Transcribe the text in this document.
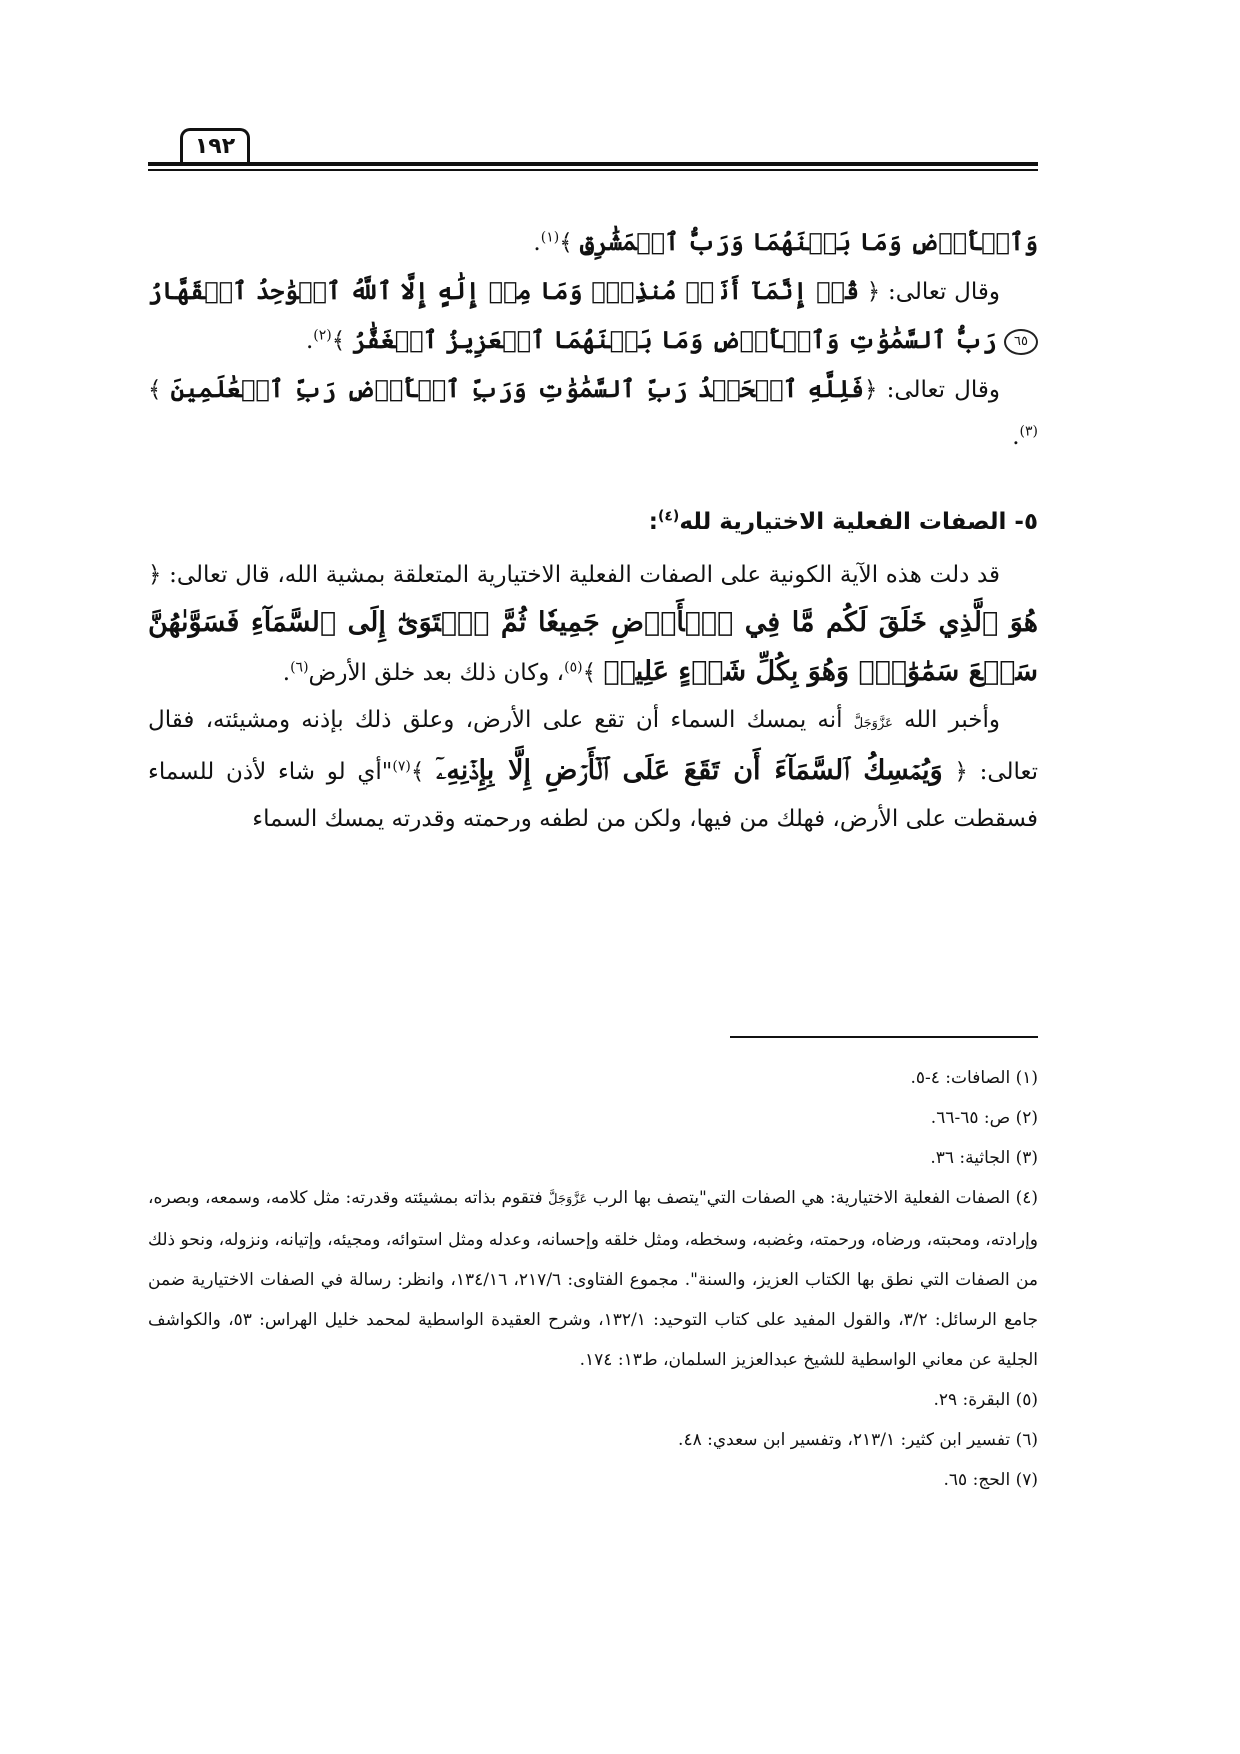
١٩٢

وَٱلۡأَرۡضِ وَمَا بَيۡنَهُمَا وَرَبُّ ٱلۡمَشَٰرِقِ ﴾$^{(١)}$.

وقال تعالى: ﴿ قُلۡ إِنَّمَآ أَنَا۠ مُنذِرٞۖ وَمَا مِنۡ إِلَٰهٍ إِلَّا ٱللَّهُ ٱلۡوَٰحِدُ ٱلۡقَهَّارُ ٦٥ رَبُّ ٱلسَّمَٰوَٰتِ وَٱلۡأَرۡضِ وَمَا بَيۡنَهُمَا ٱلۡعَزِيزُ ٱلۡغَفَّٰرُ ﴾$^{(٢)}$.

وقال تعالى: ﴿فَلِلَّهِ ٱلۡحَمۡدُ رَبِّ ٱلسَّمَٰوَٰتِ وَرَبِّ ٱلۡأَرۡضِ رَبِّ ٱلۡعَٰلَمِينَ ﴾$^{(٣)}$.

٥- الصفات الفعلية الاختيارية لله$^{(٤)}$:

قد دلت هذه الآية الكونية على الصفات الفعلية الاختيارية المتعلقة بمشية الله، قال تعالى: ﴿ هُوَ ٱلَّذِي خَلَقَ لَكُم مَّا فِي ٱلۡأَرۡضِ جَمِيعٗا ثُمَّ ٱسۡتَوَىٰٓ إِلَى ٱلسَّمَآءِ فَسَوَّىٰهُنَّ سَبۡعَ سَمَٰوَٰتٖۚ وَهُوَ بِكُلِّ شَيۡءٍ عَلِيمٞ ﴾$^{(٥)}$، وكان ذلك بعد خلق الأرض$^{(٦)}$.

وأخبر الله عَزَّوَجَلَّ أنه يمسك السماء أن تقع على الأرض، وعلق ذلك بإذنه ومشيئته، فقال تعالى: ﴿ وَيُمۡسِكُ ٱلسَّمَآءَ أَن تَقَعَ عَلَى ٱلۡأَرۡضِ إِلَّا بِإِذۡنِهِۦٓ ﴾$^{(٧)}$"أي لو شاء لأذن للسماء فسقطت على الأرض، فهلك من فيها، ولكن من لطفه ورحمته وقدرته يمسك السماء

(١) الصافات: ٤-٥.
(٢) ص: ٦٥-٦٦.
(٣) الجاثية: ٣٦.
(٤) الصفات الفعلية الاختيارية: هي الصفات التي"يتصف بها الرب عَزَّوَجَلَّ فتقوم بذاته بمشيئته وقدرته: مثل كلامه، وسمعه، وبصره، وإرادته، ومحبته، ورضاه، ورحمته، وغضبه، وسخطه، ومثل خلقه وإحسانه، وعدله ومثل استوائه، ومجيئه، وإتيانه، ونزوله، ونحو ذلك من الصفات التي نطق بها الكتاب العزيز، والسنة". مجموع الفتاوى: ٢١٧/٦، ١٣٤/١٦، وانظر: رسالة في الصفات الاختيارية ضمن جامع الرسائل: ٣/٢، والقول المفيد على كتاب التوحيد: ١٣٢/١، وشرح العقيدة الواسطية لمحمد خليل الهراس: ٥٣، والكواشف الجلية عن معاني الواسطية للشيخ عبدالعزيز السلمان، ط١٣: ١٧٤.
(٥) البقرة: ٢٩.
(٦) تفسير ابن كثير: ٢١٣/١، وتفسير ابن سعدي: ٤٨.
(٧) الحج: ٦٥.
